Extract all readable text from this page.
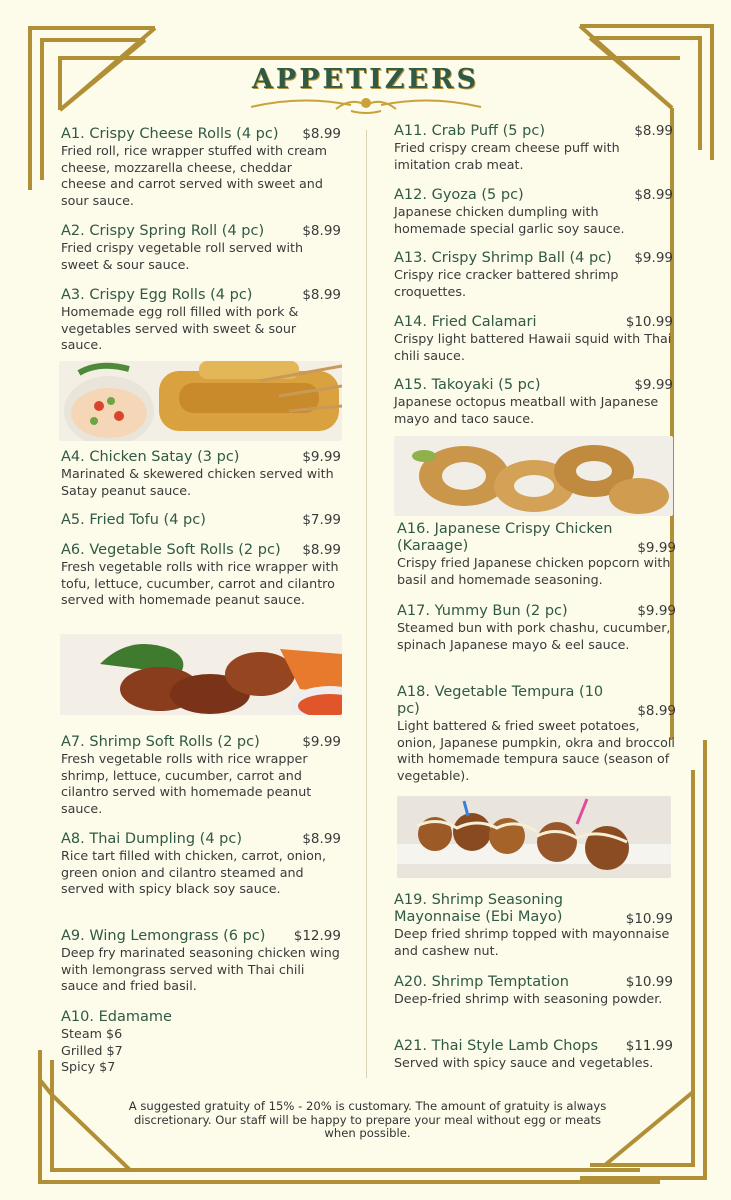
APPETIZERS
A1. Crispy Cheese Rolls (4 pc)	$8.99
Fried roll, rice wrapper stuffed with cream cheese, mozzarella cheese, cheddar cheese and carrot served with sweet and sour sauce.
A2. Crispy Spring Roll (4 pc)	$8.99
Fried crispy vegetable roll served with sweet & sour sauce.
A3. Crispy Egg Rolls (4 pc)	$8.99
Homemade egg roll filled with pork & vegetables served with sweet & sour sauce.
A4. Chicken Satay (3 pc)	$9.99
Marinated & skewered chicken served with Satay peanut sauce.
A5. Fried Tofu (4 pc)	$7.99
A6. Vegetable Soft Rolls (2 pc)	$8.99
Fresh vegetable rolls with rice wrapper with tofu, lettuce, cucumber, carrot and cilantro served with homemade peanut sauce.
A7. Shrimp Soft Rolls (2 pc)	$9.99
Fresh vegetable rolls with rice wrapper shrimp, lettuce, cucumber, carrot and cilantro served with homemade peanut sauce.
A8. Thai Dumpling (4 pc)	$8.99
Rice tart filled with chicken, carrot, onion, green onion and cilantro steamed and served with spicy black soy sauce.
A9. Wing Lemongrass (6 pc)	$12.99
Deep fry marinated seasoning chicken wing with lemongrass served with Thai chili sauce and fried basil.
A10. Edamame
Steam $6
Grilled $7
Spicy $7
A11. Crab Puff (5 pc)	$8.99
Fried crispy cream cheese puff with imitation crab meat.
A12. Gyoza (5 pc)	$8.99
Japanese chicken dumpling with homemade special garlic soy sauce.
A13. Crispy Shrimp Ball (4 pc)	$9.99
Crispy rice cracker battered shrimp croquettes.
A14. Fried Calamari	$10.99
Crispy light battered Hawaii squid with Thai chili sauce.
A15. Takoyaki (5 pc)	$9.99
Japanese octopus meatball with Japanese mayo and taco sauce.
A16. Japanese Crispy Chicken (Karaage)	$9.99
Crispy fried Japanese chicken popcorn with basil and homemade seasoning.
A17. Yummy Bun (2 pc)	$9.99
Steamed bun with pork chashu, cucumber, spinach Japanese mayo & eel sauce.
A18. Vegetable Tempura (10 pc)	$8.99
Light battered & fried sweet potatoes, onion, Japanese pumpkin, okra and broccoli with homemade tempura sauce (season of vegetable).
A19. Shrimp Seasoning Mayonnaise (Ebi Mayo)	$10.99
Deep fried shrimp topped with mayonnaise and cashew nut.
A20. Shrimp Temptation	$10.99
Deep-fried shrimp with seasoning powder.
A21. Thai Style Lamb Chops	$11.99
Served with spicy sauce and vegetables.
A suggested gratuity of 15% - 20% is customary. The amount of gratuity is always discretionary. Our staff will be happy to prepare your meal without egg or meats when possible.
